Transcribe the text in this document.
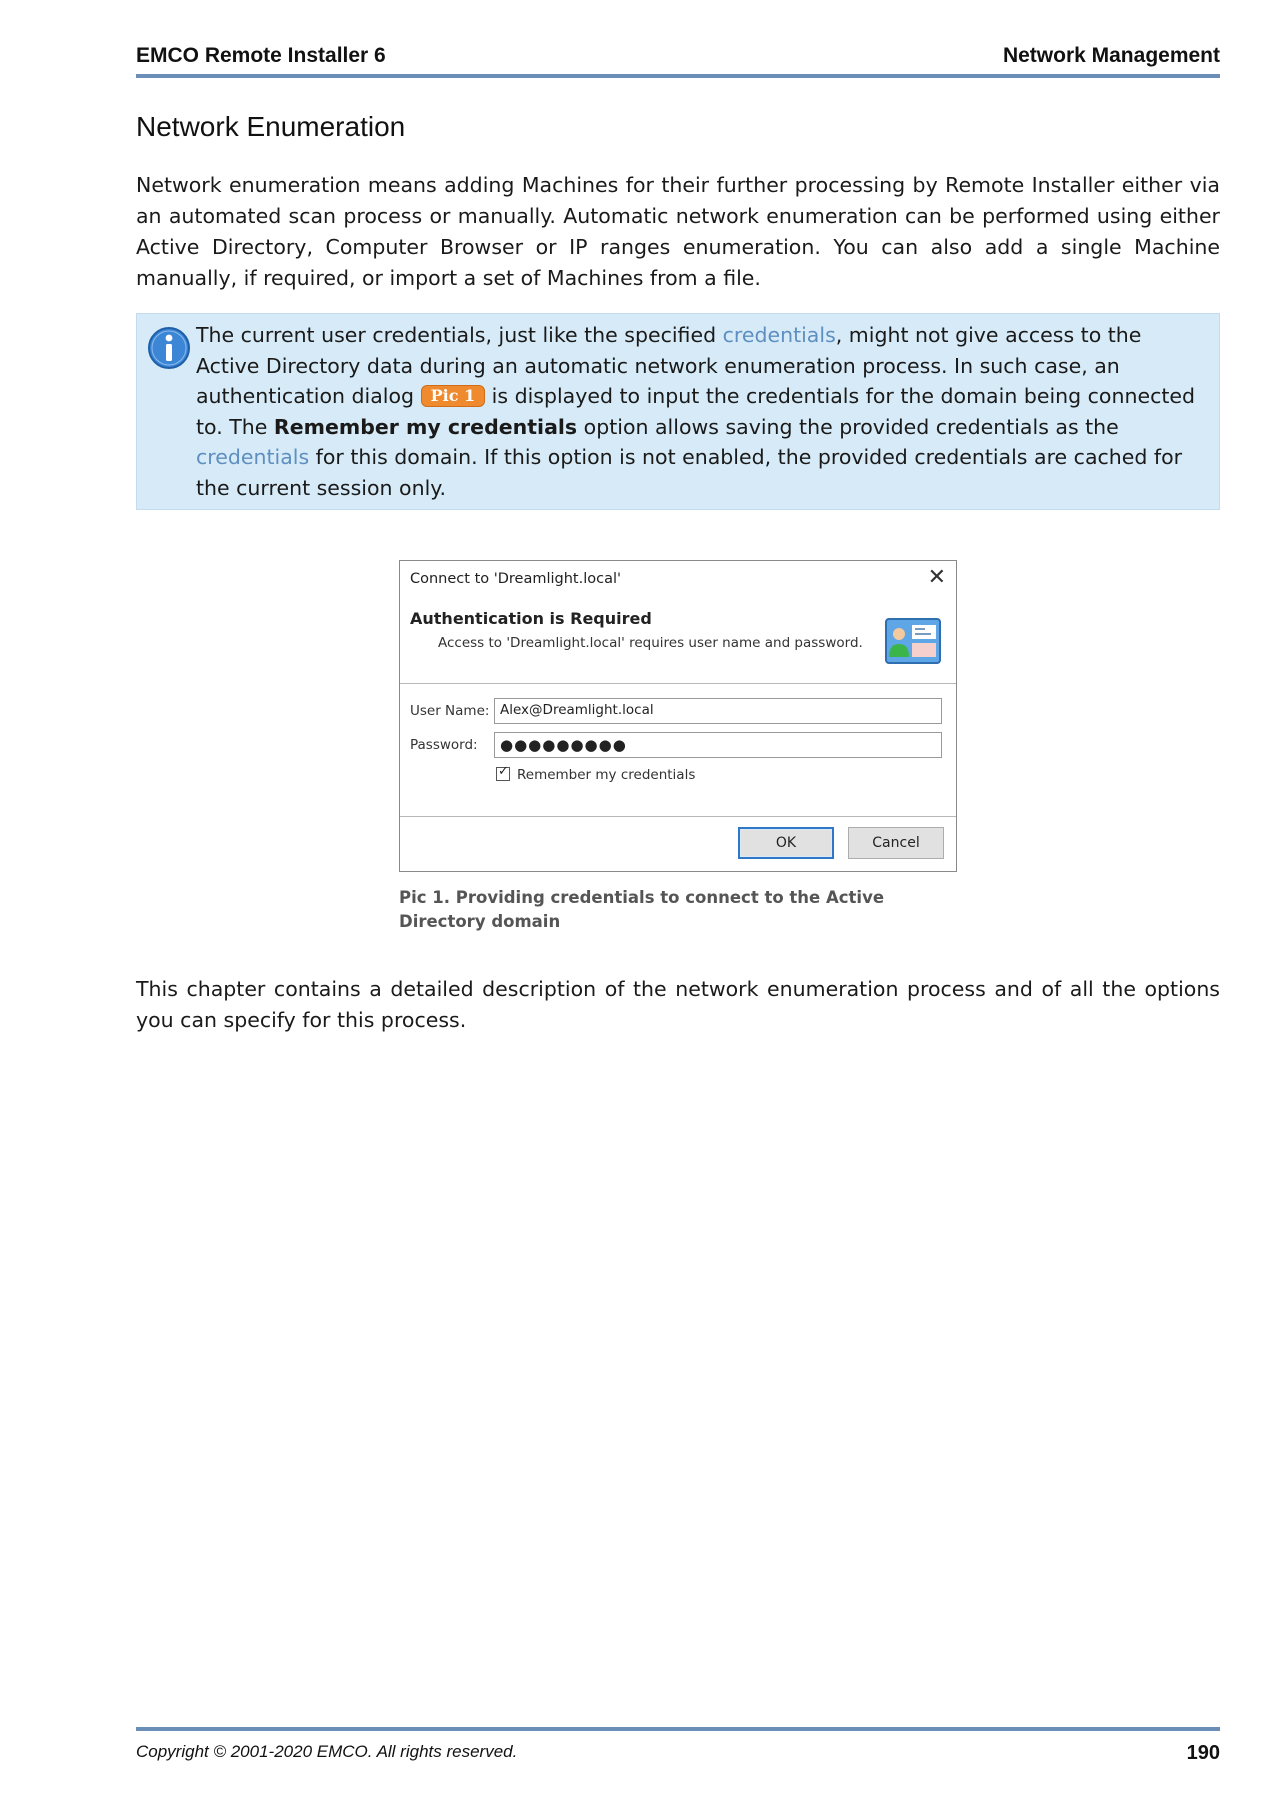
EMCO Remote Installer 6	Network Management
Network Enumeration

Network enumeration means adding Machines for their further processing by Remote Installer either via an automated scan process or manually. Automatic network enumeration can be performed using either Active Directory, Computer Browser or IP ranges enumeration. You can also add a single Machine manually, if required, or import a set of Machines from a file.

The current user credentials, just like the specified credentials, might not give access to the Active Directory data during an automatic network enumeration process. In such case, an authentication dialog Pic 1 is displayed to input the credentials for the domain being connected to. The Remember my credentials option allows saving the provided credentials as the credentials for this domain. If this option is not enabled, the provided credentials are cached for the current session only.

Connect to 'Dreamlight.local'	✕
Authentication is Required
Access to 'Dreamlight.local' requires user name and password.
User Name: Alex@Dreamlight.local
Password:	●●●●●●●●●
✓ Remember my credentials
OK	Cancel

Pic 1. Providing credentials to connect to the Active Directory domain

This chapter contains a detailed description of the network enumeration process and of all the options you can specify for this process.

Copyright © 2001-2020 EMCO. All rights reserved.	190
